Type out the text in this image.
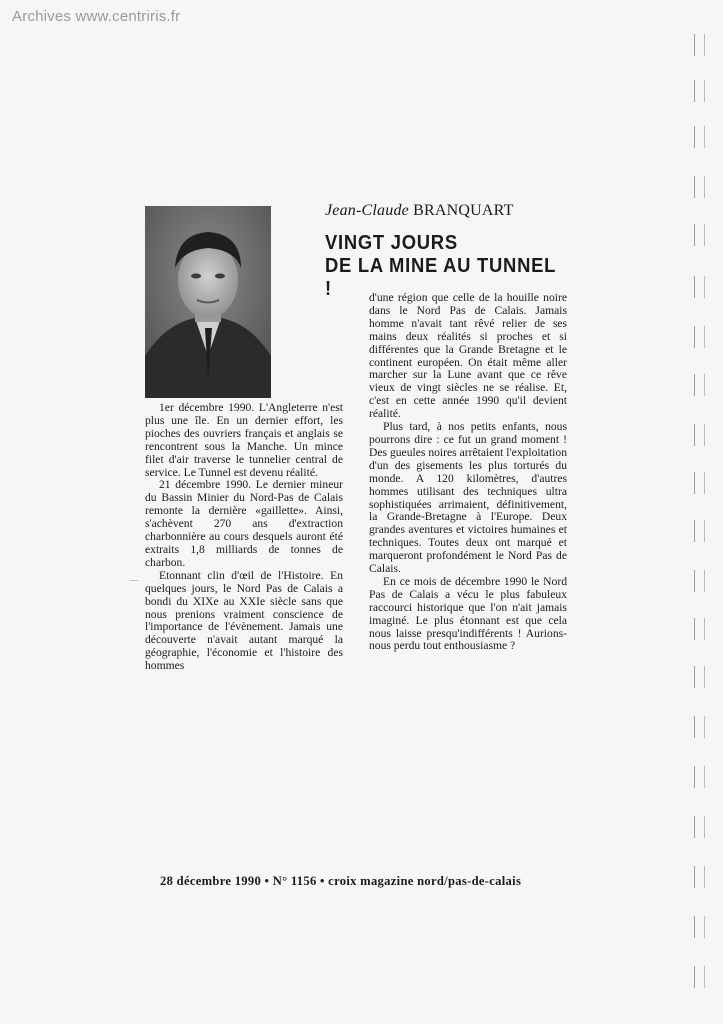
Archives www.centriris.fr
Jean-Claude BRANQUART
VINGT JOURS
DE LA MINE AU TUNNEL !

1er décembre 1990. L'Angleterre n'est plus une île. En un dernier effort, les pioches des ouvriers français et anglais se rencontrent sous la Manche. Un mince filet d'air traverse le tunnelier central de service. Le Tunnel est devenu réalité.

21 décembre 1990. Le dernier mineur du Bassin Minier du Nord-Pas de Calais remonte la dernière «gaillette». Ainsi, s'achèvent 270 ans d'extraction charbonnière au cours desquels auront été extraits 1,8 milliards de tonnes de charbon.

Etonnant clin d'œil de l'Histoire. En quelques jours, le Nord Pas de Calais a bondi du XIXe au XXIe siècle sans que nous prenions vraiment conscience de l'importance de l'évènement. Jamais une découverte n'avait autant marqué la géographie, l'économie et l'histoire des hommes

d'une région que celle de la houille noire dans le Nord Pas de Calais. Jamais homme n'avait tant rêvé relier de ses mains deux réalités si proches et si différentes que la Grande Bretagne et le continent européen. On était même aller marcher sur la Lune avant que ce rêve vieux de vingt siècles ne se réalise. Et, c'est en cette année 1990 qu'il devient réalité.

Plus tard, à nos petits enfants, nous pourrons dire : ce fut un grand moment ! Des gueules noires arrêtaient l'exploitation d'un des gisements les plus torturés du monde. A 120 kilomètres, d'autres hommes utilisant des techniques ultra sophistiquées arrimaient, définitivement, la Grande-Bretagne à l'Europe. Deux grandes aventures et victoires humaines et techniques. Toutes deux ont marqué et marqueront profondément le Nord Pas de Calais.

En ce mois de décembre 1990 le Nord Pas de Calais a vécu le plus fabuleux raccourci historique que l'on n'ait jamais imaginé. Le plus étonnant est que cela nous laisse presqu'indifférents ! Aurions-nous perdu tout enthousiasme ?

28 décembre 1990 • N° 1156 • croix magazine nord/pas-de-calais
